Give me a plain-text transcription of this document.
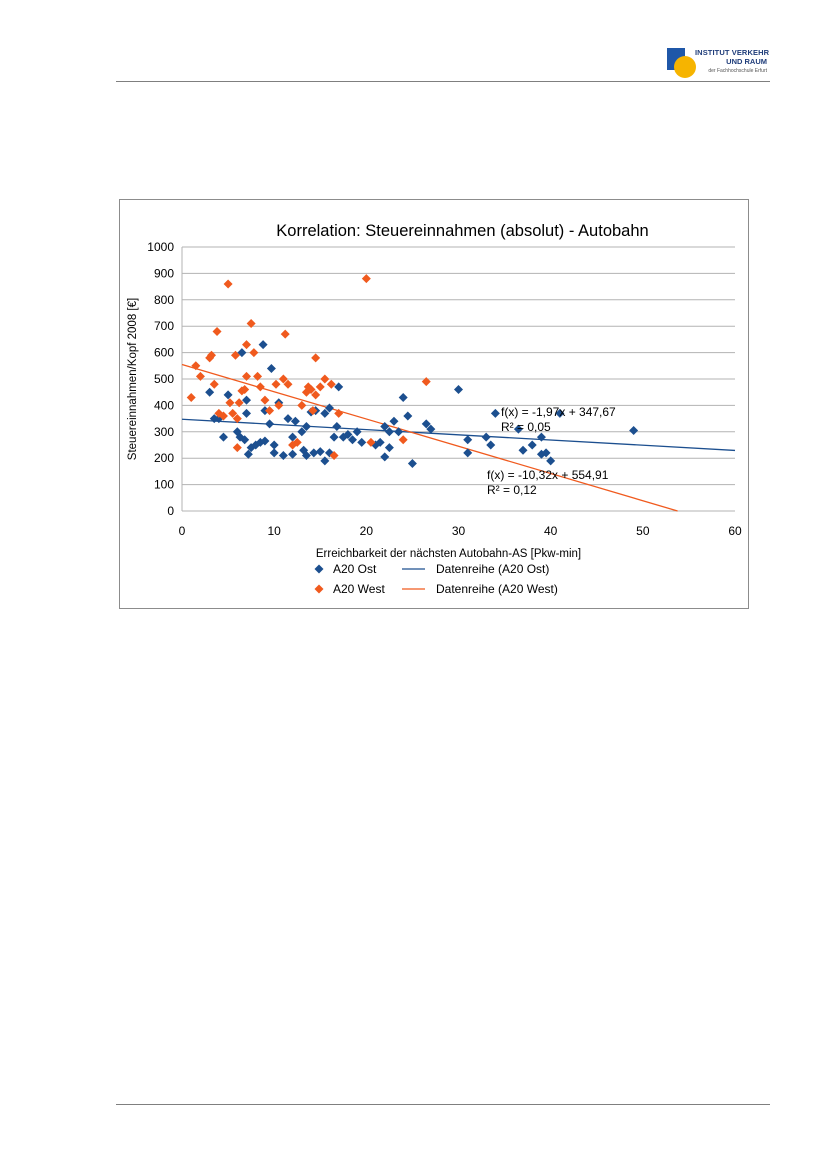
INSTITUT VERKEHR
UND RAUM
der Fachhochschule Erfurt
0
100
200
300
400
500
600
700
800
900
1000
0	10	20	30	40	50	60
Korrelation: Steuereinnahmen (absolut) - Autobahn
Erreichbarkeit der nächsten Autobahn-AS [Pkw-min]
Steuereinnahmen/Kopf 2008 [€]	f(x) = -1,97x + 347,67
R² = 0,05
f(x) = -10,32x + 554,91
R² = 0,12
A20 Ost	Datenreihe (A20 Ost)
A20 West	Datenreihe (A20 West)
